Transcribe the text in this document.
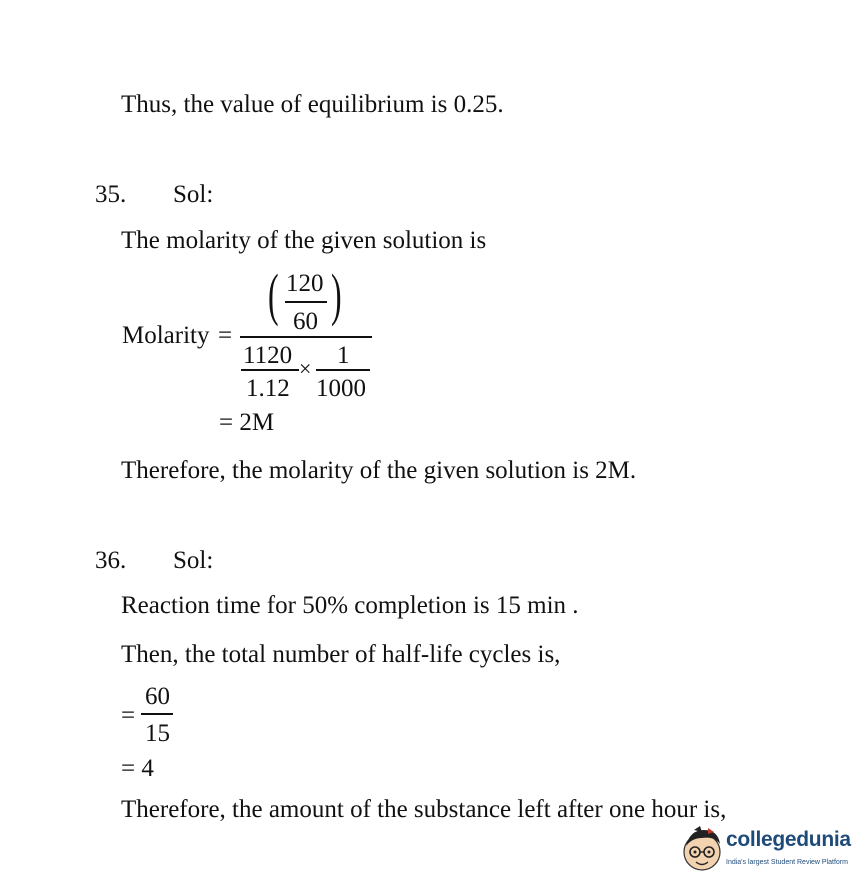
Thus, the value of equilibrium is 0.25.
35. Sol:
The molarity of the given solution is
Molarity =
( 120
60 )
1120
1.12
× 1
1000
= 2M
Therefore, the molarity of the given solution is 2M.
36. Sol:
Reaction time for 50% completion is 15 min .
Then, the total number of half-life cycles is,
=
60
15
= 4
Therefore, the amount of the substance left after one hour is,
collegedunia
India's largest Student Review Platform
